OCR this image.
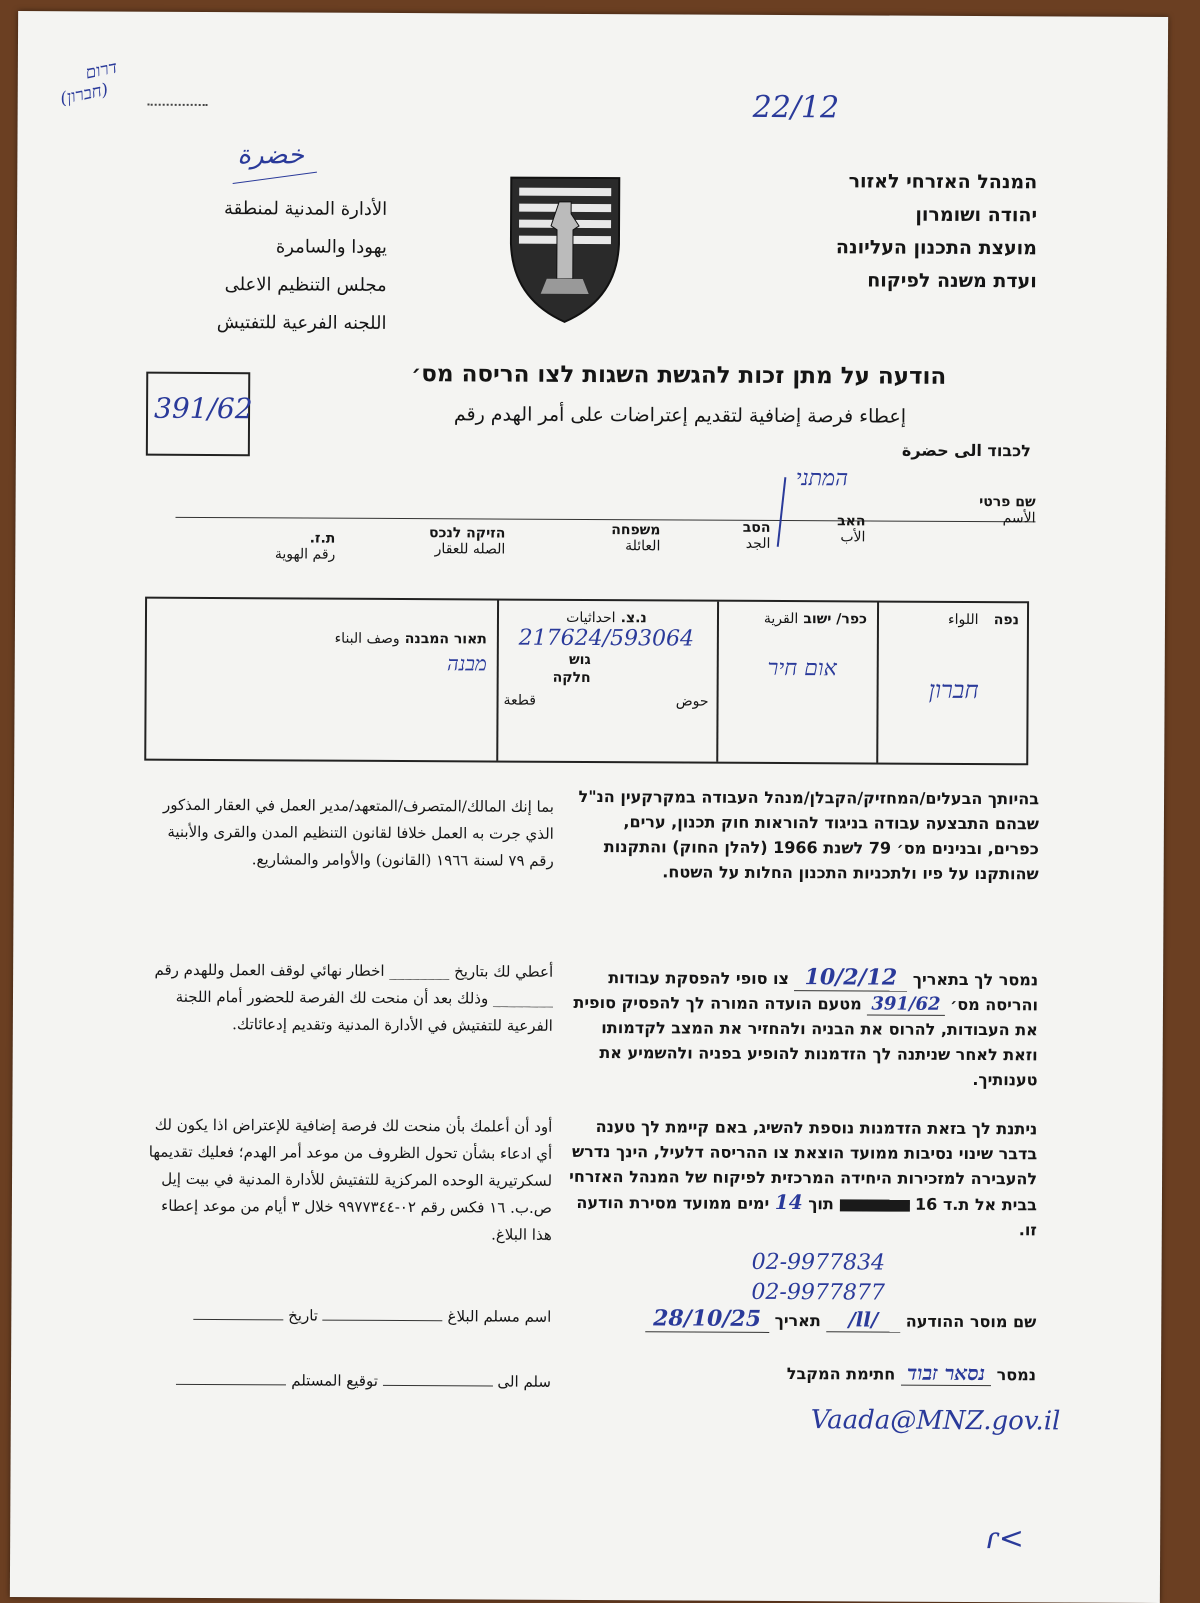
דרום
(חברון)	22/12
خضرة
המנהל האזרחי לאזור
יהודה ושומרון
מועצת התכנון העליונה
ועדת משנה לפיקוח
الأدارة المدنية لمنطقة
يهودا والسامرة
مجلس التنظيم الاعلى
اللجنه الفرعية للتفتيش
391/62
הודעה על מתן זכות להגשת השגות לצו הריסה מס׳
إعطاء فرصة إضافية لتقديم إعتراضات على أمر الهدم رقم
לכבוד الى حضرة
המתני
שם פרטי
الأسم
האב
الأب
הסב
الجد
משפחה
العائلة
הזיקה לנכס
الصله للعقار
ת.ז.
رقم الهوية
נפה   اللواء
חברון
כפר/ ישוב القرية
אום חיר
נ.צ. احداثيات
217624/593064
גוש
חלקה
حوض
قطعة
תאור המבנה وصف البناء
מבנה
בהיותך הבעלים/המחזיק/הקבלן/מנהל העבודה במקרקעין הנ"ל שבהם התבצעה עבודה בניגוד להוראות חוק תכנון, ערים, כפרים, ובנינים מס׳ 79 לשנת 1966 (להלן החוק) והתקנות שהותקנו על פיו ולתכניות התכנון החלות על השטח.
נמסר לך בתאריך 10/2/12 צו סופי להפסקת עבודות והריסה מס׳ 391/62 מטעם הועדה המורה לך להפסיק סופית את העבודות, להרוס את הבניה ולהחזיר את המצב לקדמותו וזאת לאחר שניתנה לך הזדמנות להופיע בפניה ולהשמיע את טענותיך.
ניתנת לך בזאת הזדמנות נוספת להשיג, באם קיימת לך טענה בדבר שינוי נסיבות ממועד הוצאת צו ההריסה דלעיל, הינך נדרש להעבירה למזכירות היחידה המרכזית לפיקוח של המנהל האזרחי בבית אל ת.ד 16  תוך 14 ימים ממועד מסירת הודעה זו.
02-9977834
02-9977877
שם מוסר ההודעה /ll/ תאריך 28/10/25
נמסר נסאר זבוד חתימת המקבל
Vaada@MNZ.gov.il
ɾ<
بما إنك المالك/المتصرف/المتعهد/مدير العمل في العقار المذكور الذي جرت به العمل خلافا لقانون التنظيم المدن والقرى والأبنية رقم ٧٩ لسنة ١٩٦٦ (القانون) والأوامر والمشاريع.
أعطي لك بتاريخ ________ اخطار نهائي لوقف العمل وللهدم رقم ________ وذلك بعد أن منحت لك الفرصة للحضور أمام اللجنة الفرعية للتفتيش في الأدارة المدنية وتقديم إدعائاتك.
أود أن أعلمك بأن منحت لك فرصة إضافية للإعتراض اذا يكون لك أي ادعاء بشأن تحول الظروف من موعد أمر الهدم؛ فعليك تقديمها لسكرتيرية الوحده المركزية للتفتيش للأدارة المدنية في بيت إيل ص.ب. ١٦ فكس رقم ٠٢-٩٩٧٧٣٤٤ خلال ٣ أيام من موعد إعطاء هذا البلاغ.
اسم مسلم البلاغ  تاريخ
سلم الى  توقيع المستلم
